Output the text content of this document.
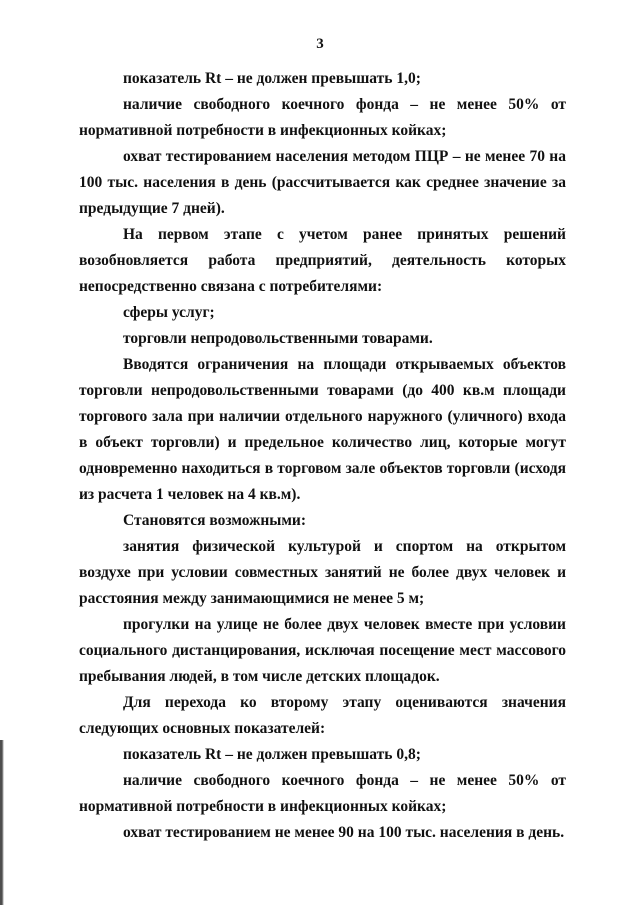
3

показатель Rt – не должен превышать 1,0;

наличие свободного коечного фонда – не менее 50% от нормативной потребности в инфекционных койках;

охват тестированием населения методом ПЦР – не менее 70 на 100 тыс. населения в день (рассчитывается как среднее значение за предыдущие 7 дней).

На первом этапе с учетом ранее принятых решений возобновляется работа предприятий, деятельность которых непосредственно связана с потребителями:

сферы услуг;

торговли непродовольственными товарами.

Вводятся ограничения на площади открываемых объектов торговли непродовольственными товарами (до 400 кв.м площади торгового зала при наличии отдельного наружного (уличного) входа в объект торговли) и предельное количество лиц, которые могут одновременно находиться в торговом зале объектов торговли (исходя из расчета 1 человек на 4 кв.м).

Становятся возможными:

занятия физической культурой и спортом на открытом воздухе при условии совместных занятий не более двух человек и расстояния между занимающимися не менее 5 м;

прогулки на улице не более двух человек вместе при условии социального дистанцирования, исключая посещение мест массового пребывания людей, в том числе детских площадок.

Для перехода ко второму этапу оцениваются значения следующих основных показателей:

показатель Rt – не должен превышать 0,8;

наличие свободного коечного фонда – не менее 50% от нормативной потребности в инфекционных койках;

охват тестированием не менее 90 на 100 тыс. населения в день.
